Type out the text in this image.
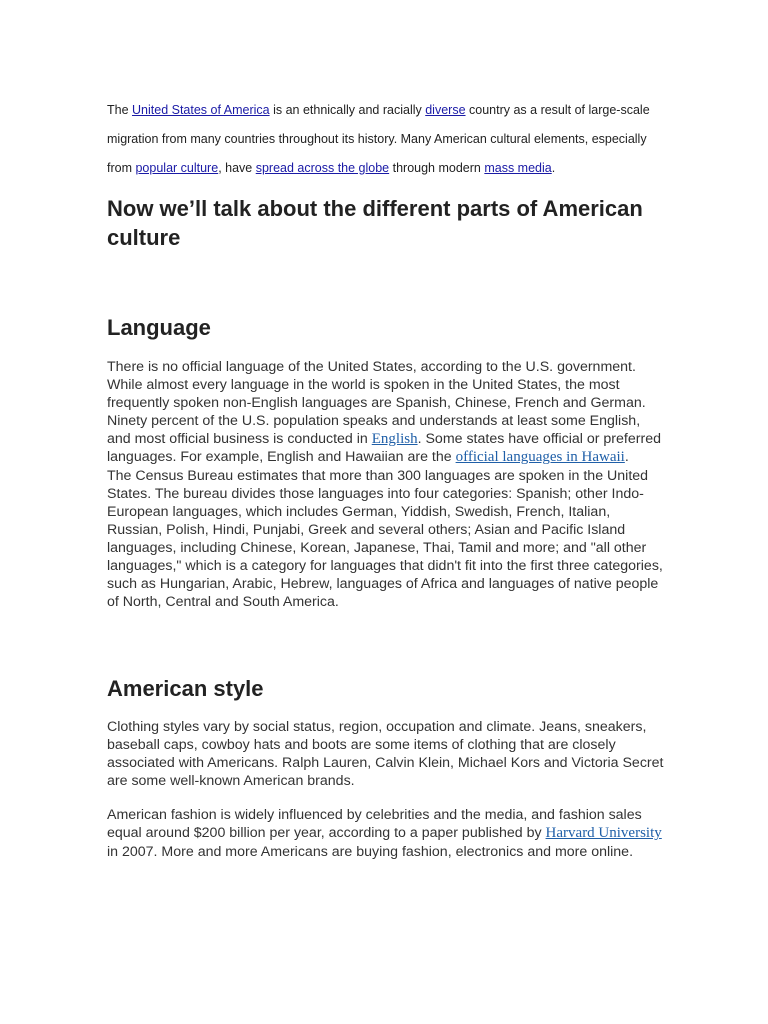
The United States of America is an ethnically and racially diverse country as a result of large-scale migration from many countries throughout its history. Many American cultural elements, especially from popular culture, have spread across the globe through modern mass media.

Now we’ll talk about the different parts of American culture
Language

There is no official language of the United States, according to the U.S. government. While almost every language in the world is spoken in the United States, the most frequently spoken non-English languages are Spanish, Chinese, French and German. Ninety percent of the U.S. population speaks and understands at least some English, and most official business is conducted in English. Some states have official or preferred languages. For example, English and Hawaiian are the official languages in Hawaii.

The Census Bureau estimates that more than 300 languages are spoken in the United States. The bureau divides those languages into four categories: Spanish; other Indo-European languages, which includes German, Yiddish, Swedish, French, Italian, Russian, Polish, Hindi, Punjabi, Greek and several others; Asian and Pacific Island languages, including Chinese, Korean, Japanese, Thai, Tamil and more; and "all other languages," which is a category for languages that didn't fit into the first three categories, such as Hungarian, Arabic, Hebrew, languages of Africa and languages of native people of North, Central and South America.

American style

Clothing styles vary by social status, region, occupation and climate. Jeans, sneakers, baseball caps, cowboy hats and boots are some items of clothing that are closely associated with Americans. Ralph Lauren, Calvin Klein, Michael Kors and Victoria Secret are some well-known American brands.

American fashion is widely influenced by celebrities and the media, and fashion sales equal around $200 billion per year, according to a paper published by Harvard University in 2007. More and more Americans are buying fashion, electronics and more online.
